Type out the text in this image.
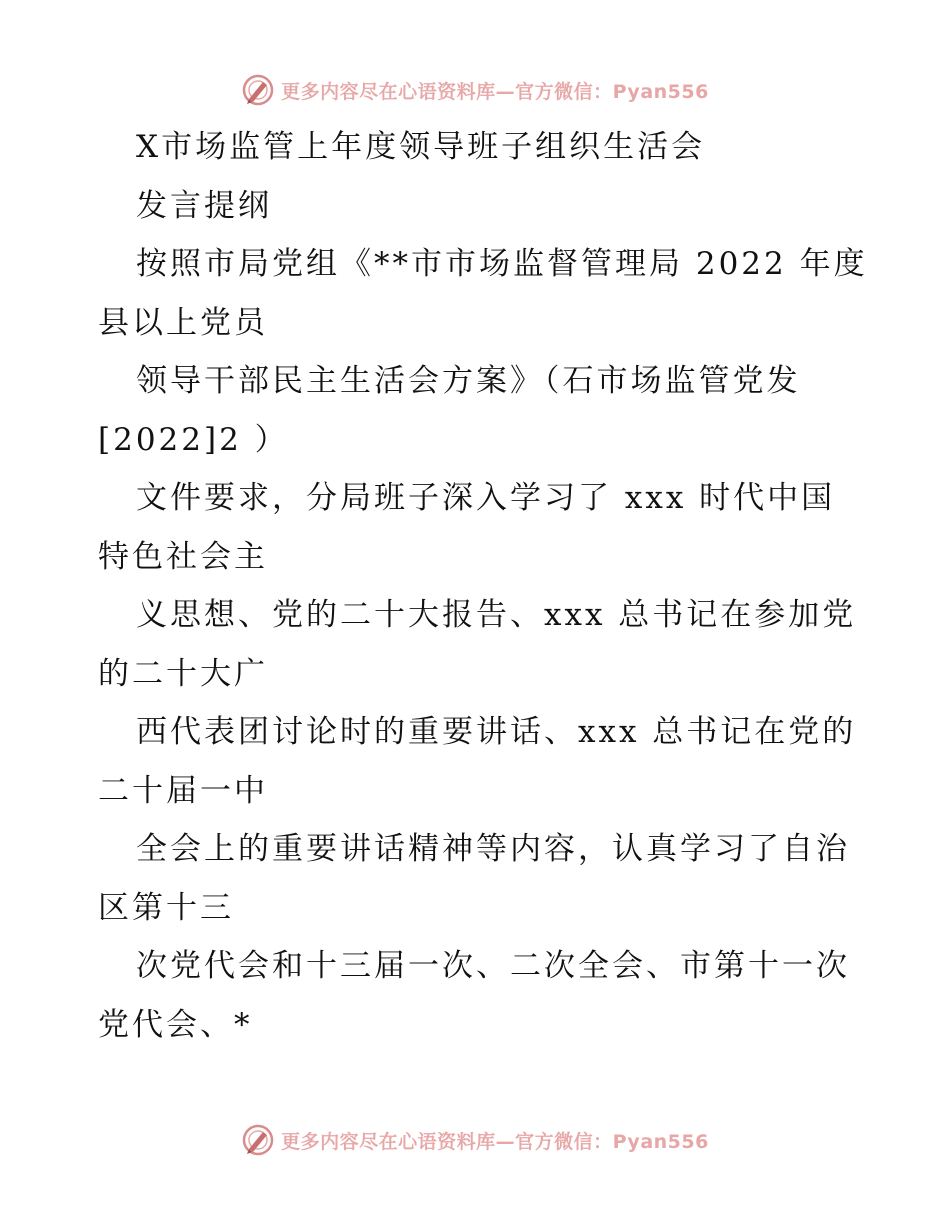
更多内容尽在心语资料库—官方微信：Pyan556
X市场监管上年度领导班子组织生活会
发言提纲
按照市局党组《**市市场监督管理局 2022 年度
县以上党员
领导干部民主生活会方案》（石市场监管党发
[2022]2 ）
文件要求，分局班子深入学习了 xxx 时代中国
特色社会主
义思想、党的二十大报告、xxx 总书记在参加党
的二十大广
西代表团讨论时的重要讲话、xxx 总书记在党的
二十届一中
全会上的重要讲话精神等内容，认真学习了自治
区第十三
次党代会和十三届一次、二次全会、市第十一次
党代会、*
更多内容尽在心语资料库—官方微信：Pyan556
